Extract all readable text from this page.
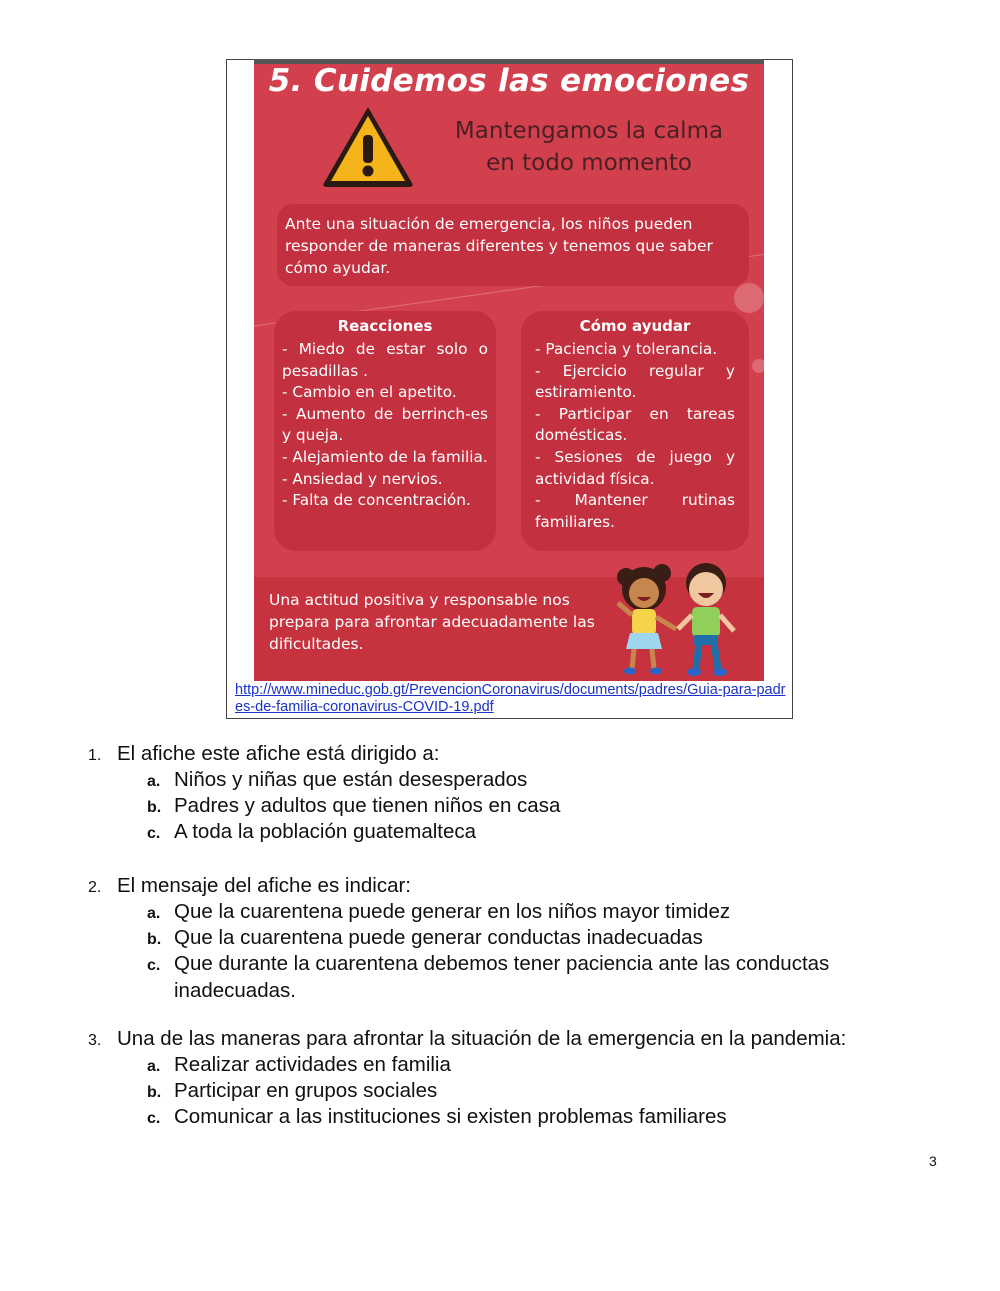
5. Cuidemos las emociones
Mantengamos la calma
en todo momento
Ante una situación de emergencia, los niños pueden responder de maneras diferentes y tenemos que saber cómo ayudar.
Reacciones
- Miedo de estar solo o pesadillas .
- Cambio en el apetito.
- Aumento de berrinch-es y queja.
- Alejamiento de la familia.
- Ansiedad y nervios.
- Falta de concentración.
Cómo ayudar
- Paciencia y tolerancia.
- Ejercicio regular y estiramiento.
- Participar en tareas domésticas.
- Sesiones de juego y actividad física.
- Mantener rutinas familiares.
Una actitud positiva y responsable nos prepara para afrontar adecuadamente las dificultades.
http://www.mineduc.gob.gt/PrevencionCoronavirus/documents/padres/Guia-para-padres-de-familia-coronavirus-COVID-19.pdf
1. El afiche este afiche está dirigido a:
a. Niños y niñas que están desesperados
b. Padres y adultos que tienen niños en casa
c. A toda la población guatemalteca
2. El mensaje del afiche es indicar:
a. Que la cuarentena puede generar en los niños mayor timidez
b. Que la cuarentena puede generar conductas inadecuadas
c. Que durante la cuarentena debemos tener paciencia ante las conductas inadecuadas.
3. Una de las maneras para afrontar la situación de la emergencia en la pandemia:
a. Realizar actividades en familia
b. Participar en grupos sociales
c. Comunicar a las instituciones si existen problemas familiares
3
